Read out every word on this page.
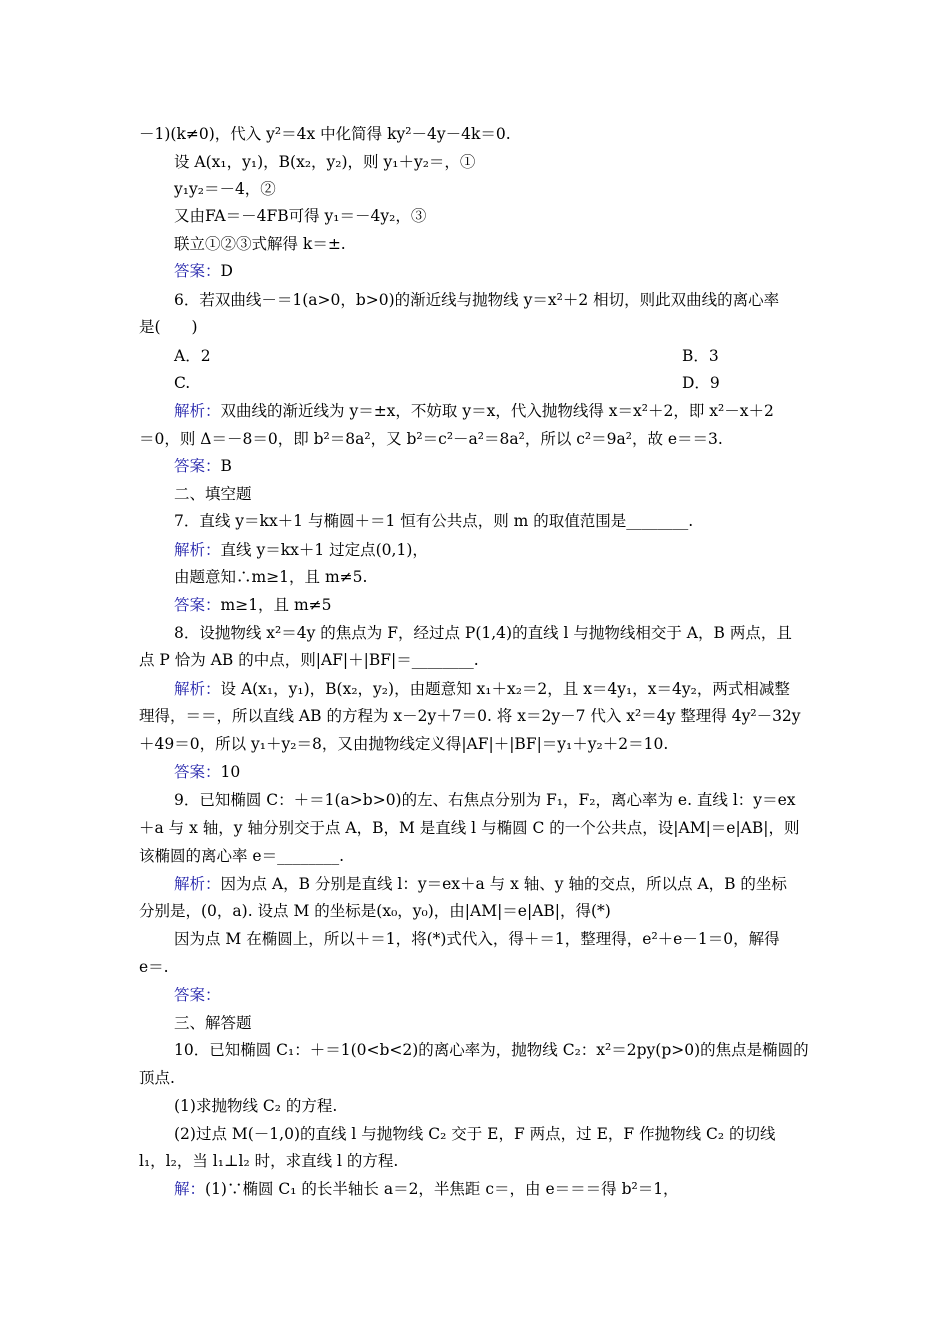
－1)(k≠0)，代入 y²＝4x 中化简得 ky²－4y－4k＝0.
设 A(x₁，y₁)，B(x₂，y₂)，则 y₁＋y₂＝，①
y₁y₂＝－4，②
又由FA＝－4FB可得 y₁＝－4y₂，③
联立①②③式解得 k＝±.
答案：D
6．若双曲线－＝1(a>0，b>0)的渐近线与抛物线 y＝x²＋2 相切，则此双曲线的离心率
是(　　)
A．2	B．3
C.	D．9
解析：双曲线的渐近线为 y＝±x，不妨取 y＝x，代入抛物线得 x＝x²＋2，即 x²－x＋2
＝0，则 Δ＝－8＝0，即 b²＝8a²，又 b²＝c²－a²＝8a²，所以 c²＝9a²，故 e＝＝3.
答案：B
二、填空题
7．直线 y＝kx＋1 与椭圆＋＝1 恒有公共点，则 m 的取值范围是________.
解析：直线 y＝kx＋1 过定点(0,1)，
由题意知∴m≥1，且 m≠5.
答案：m≥1，且 m≠5
8．设抛物线 x²＝4y 的焦点为 F，经过点 P(1,4)的直线 l 与抛物线相交于 A，B 两点，且
点 P 恰为 AB 的中点，则|AF|＋|BF|＝________.
解析：设 A(x₁，y₁)，B(x₂，y₂)，由题意知 x₁＋x₂＝2，且 x＝4y₁，x＝4y₂，两式相减整
理得，＝＝，所以直线 AB 的方程为 x－2y＋7＝0. 将 x＝2y－7 代入 x²＝4y 整理得 4y²－32y
＋49＝0，所以 y₁＋y₂＝8，又由抛物线定义得|AF|＋|BF|＝y₁＋y₂＋2＝10.
答案：10
9．已知椭圆 C：＋＝1(a>b>0)的左、右焦点分别为 F₁，F₂，离心率为 e. 直线 l：y＝ex
＋a 与 x 轴，y 轴分别交于点 A，B，M 是直线 l 与椭圆 C 的一个公共点，设|AM|＝e|AB|，则
该椭圆的离心率 e＝________.
解析：因为点 A，B 分别是直线 l：y＝ex＋a 与 x 轴、y 轴的交点，所以点 A，B 的坐标
分别是，(0，a). 设点 M 的坐标是(x₀，y₀)，由|AM|＝e|AB|，得(*)
因为点 M 在椭圆上，所以＋＝1，将(*)式代入，得＋＝1，整理得，e²＋e－1＝0，解得
e＝.
答案：
三、解答题
10．已知椭圆 C₁：＋＝1(0<b<2)的离心率为，抛物线 C₂：x²＝2py(p>0)的焦点是椭圆的
顶点.
(1)求抛物线 C₂ 的方程.
(2)过点 M(－1,0)的直线 l 与抛物线 C₂ 交于 E，F 两点，过 E，F 作抛物线 C₂ 的切线
l₁，l₂，当 l₁⊥l₂ 时，求直线 l 的方程.
解：(1)∵椭圆 C₁ 的长半轴长 a＝2，半焦距 c＝，由 e＝＝＝得 b²＝1，
